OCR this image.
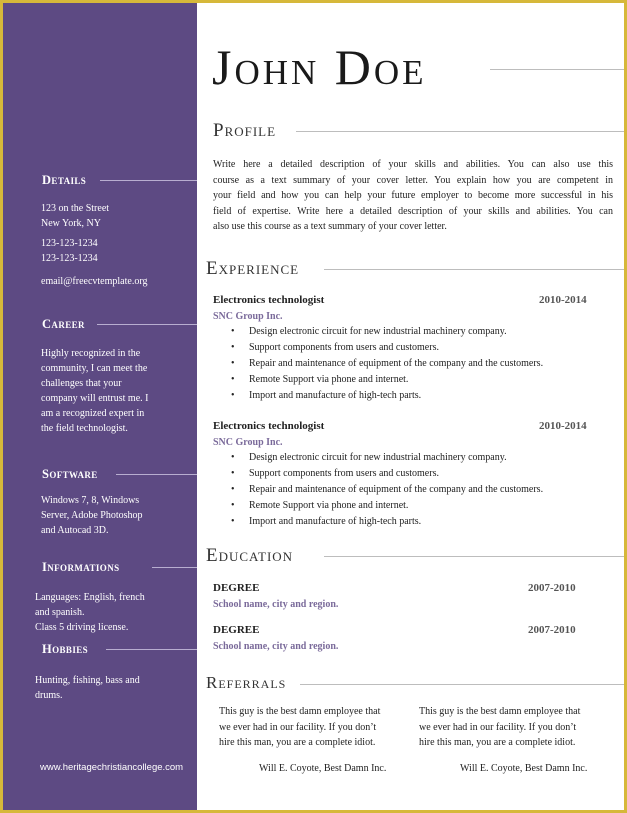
Details
123 on the Street
New York, NY
123-123-1234
123-123-1234
email@freecvtemplate.org
Career
Highly recognized in the
community, I can meet the
challenges that your
company will entrust me. I
am a recognized expert in
the field technologist.
Software
Windows 7, 8, Windows
Server, Adobe Photoshop
and Autocad 3D.
Informations
Languages: English, french
and spanish.
Class 5 driving license.
Hobbies
Hunting, fishing, bass and
drums.
www.heritagechristiancollege.com
John Doe
Profile
Write here a detailed description of your skills and abilities. You can also use this
course as a text summary of your cover letter. You explain how you are competent in
your field and how you can help your future employer to become more successful in his
field of expertise. Write here a detailed description of your skills and abilities. You can
also use this course as a text summary of your cover letter.
Experience
Electronics technologist	2010-2014
SNC Group Inc.
• Design electronic circuit for new industrial machinery company.
• Support components from users and customers.
• Repair and maintenance of equipment of the company and the customers.
• Remote Support via phone and internet.
• Import and manufacture of high-tech parts.
Electronics technologist	2010-2014
SNC Group Inc.
• Design electronic circuit for new industrial machinery company.
• Support components from users and customers.
• Repair and maintenance of equipment of the company and the customers.
• Remote Support via phone and internet.
• Import and manufacture of high-tech parts.
Education
DEGREE	2007-2010
School name, city and region.
DEGREE	2007-2010
School name, city and region.
Referrals
This guy is the best damn employee that
we ever had in our facility. If you don’t
hire this man, you are a complete idiot.
Will E. Coyote, Best Damn Inc.
This guy is the best damn employee that
we ever had in our facility. If you don’t
hire this man, you are a complete idiot.
Will E. Coyote, Best Damn Inc.
